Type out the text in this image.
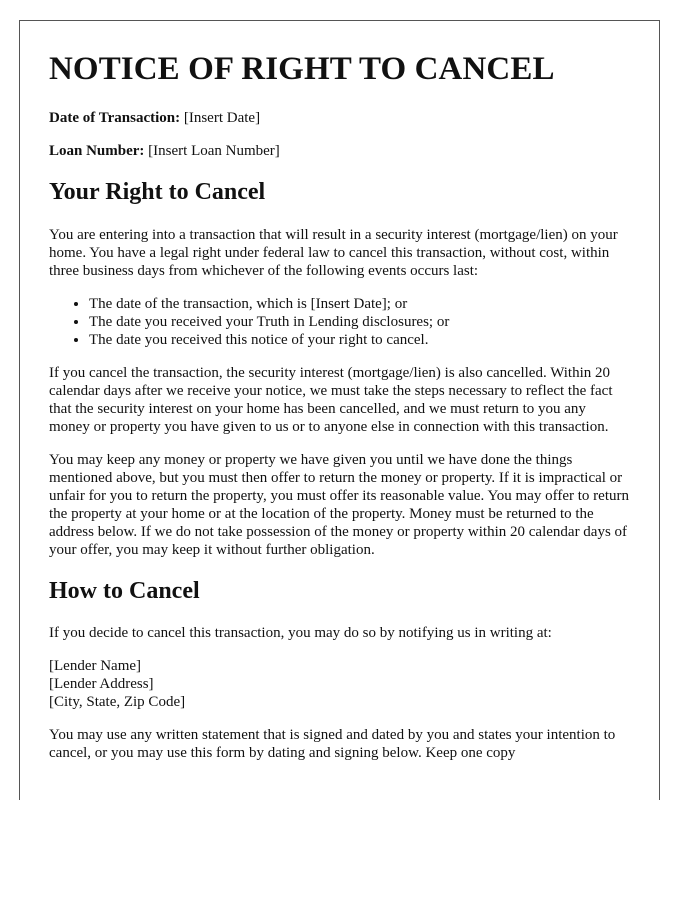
NOTICE OF RIGHT TO CANCEL

Date of Transaction: [Insert Date]

Loan Number: [Insert Loan Number]

Your Right to Cancel

You are entering into a transaction that will result in a security interest (mortgage/lien) on your home. You have a legal right under federal law to cancel this transaction, without cost, within three business days from whichever of the following events occurs last:

• The date of the transaction, which is [Insert Date]; or
• The date you received your Truth in Lending disclosures; or
• The date you received this notice of your right to cancel.

If you cancel the transaction, the security interest (mortgage/lien) is also cancelled. Within 20 calendar days after we receive your notice, we must take the steps necessary to reflect the fact that the security interest on your home has been cancelled, and we must return to you any money or property you have given to us or to anyone else in connection with this transaction.

You may keep any money or property we have given you until we have done the things mentioned above, but you must then offer to return the money or property. If it is impractical or unfair for you to return the property, you must offer its reasonable value. You may offer to return the property at your home or at the location of the property. Money must be returned to the address below. If we do not take possession of the money or property within 20 calendar days of your offer, you may keep it without further obligation.

How to Cancel

If you decide to cancel this transaction, you may do so by notifying us in writing at:

[Lender Name]
[Lender Address]
[City, State, Zip Code]

You may use any written statement that is signed and dated by you and states your intention to cancel, or you may use this form by dating and signing below. Keep one copy
